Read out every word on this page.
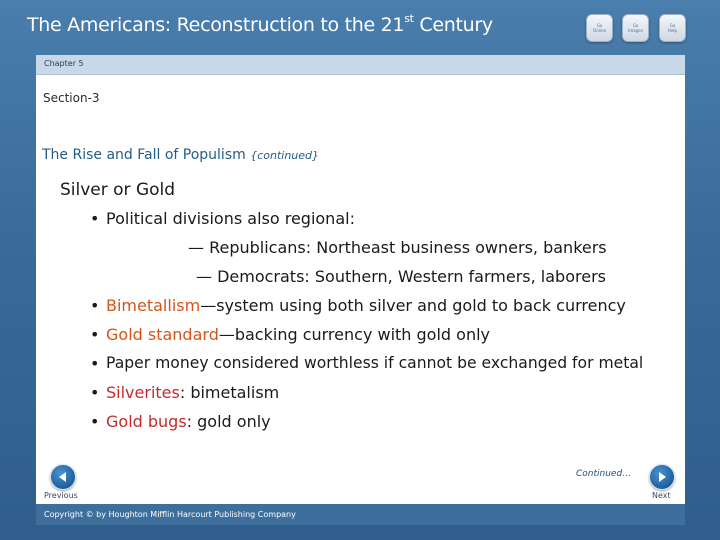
The Americans: Reconstruction to the 21st Century	Go
Online
Go
Images
Go
Help
Chapter 5
Section-3
The Rise and Fall of Populism {continued}
Silver or Gold
• Political divisions also regional:
— Republicans: Northeast business owners, bankers
— Democrats: Southern, Western farmers, laborers
• Bimetallism—system using both silver and gold to back currency
• Gold standard—backing currency with gold only
• Paper money considered worthless if cannot be exchanged for metal
• Silverites: bimetalism
• Gold bugs: gold only
Continued…
Previous	Next
Copyright © by Houghton Mifflin Harcourt Publishing Company
